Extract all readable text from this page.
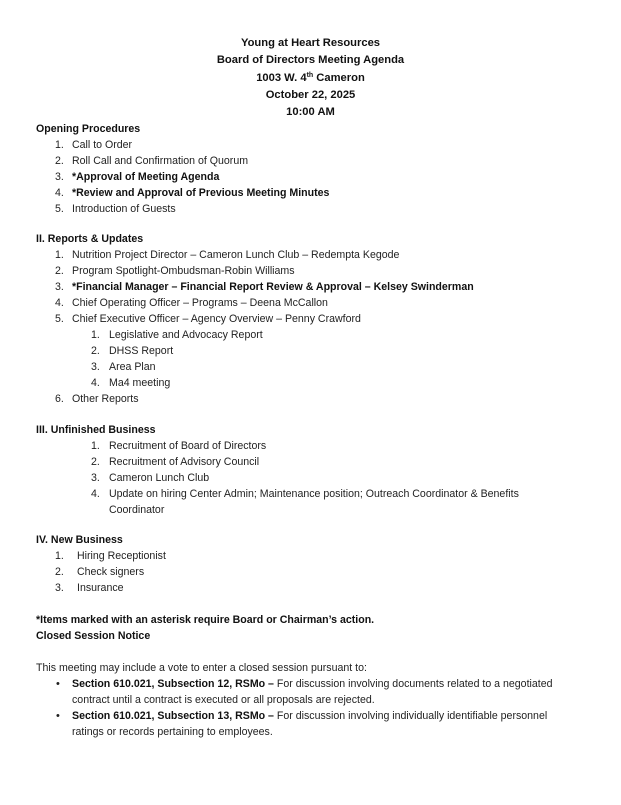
Young at Heart Resources
Board of Directors Meeting Agenda
1003 W. 4th Cameron
October 22, 2025
10:00 AM
Opening Procedures
1. Call to Order
2. Roll Call and Confirmation of Quorum
3. *Approval of Meeting Agenda
4. *Review and Approval of Previous Meeting Minutes
5. Introduction of Guests
II. Reports & Updates
1. Nutrition Project Director – Cameron Lunch Club – Redempta Kegode
2. Program Spotlight-Ombudsman-Robin Williams
3. *Financial Manager – Financial Report Review & Approval – Kelsey Swinderman
4. Chief Operating Officer – Programs – Deena McCallon
5. Chief Executive Officer – Agency Overview – Penny Crawford
1. Legislative and Advocacy Report
2. DHSS Report
3. Area Plan
4. Ma4 meeting
6. Other Reports
III. Unfinished Business
1. Recruitment of Board of Directors
2. Recruitment of Advisory Council
3. Cameron Lunch Club
4. Update on hiring Center Admin; Maintenance position; Outreach Coordinator & Benefits Coordinator
IV. New Business
1. Hiring Receptionist
2. Check signers
3. Insurance
*Items marked with an asterisk require Board or Chairman’s action.
Closed Session Notice
This meeting may include a vote to enter a closed session pursuant to:
• Section 610.021, Subsection 12, RSMo – For discussion involving documents related to a negotiated contract until a contract is executed or all proposals are rejected.
• Section 610.021, Subsection 13, RSMo – For discussion involving individually identifiable personnel ratings or records pertaining to employees.
